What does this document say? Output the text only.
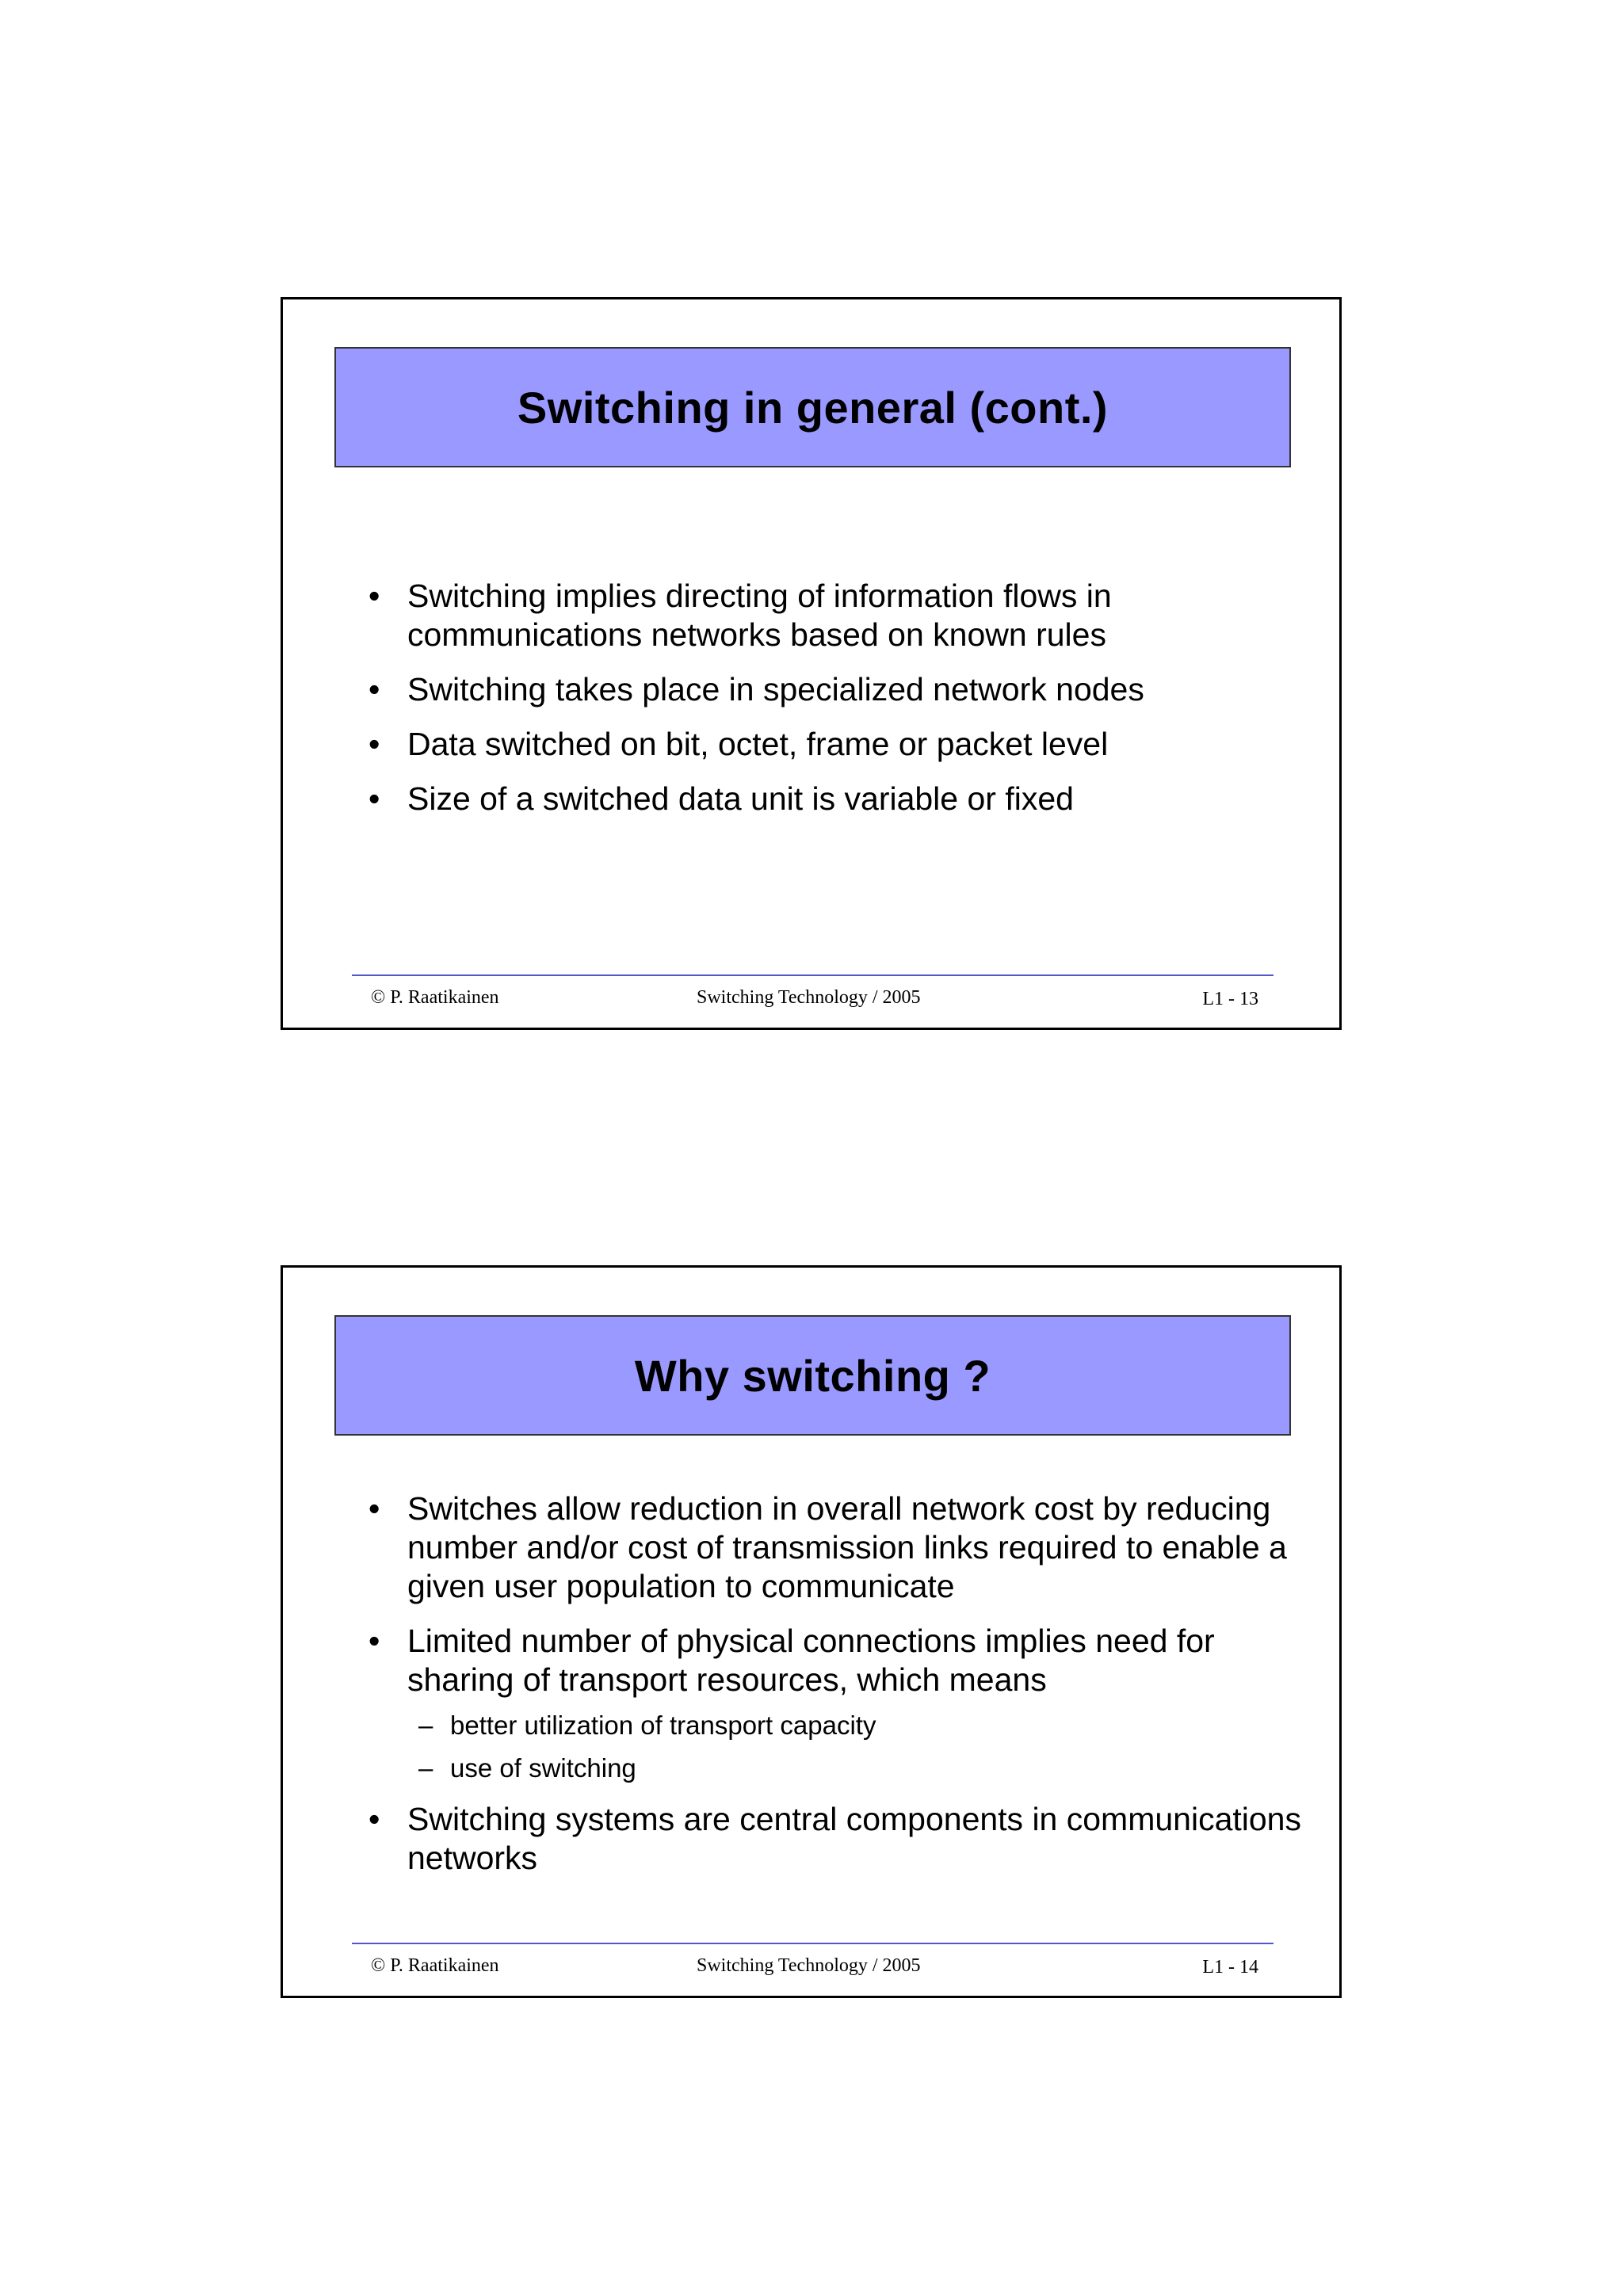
Switching in general (cont.)
• Switching implies directing of information flows in communications networks based on known rules
• Switching takes place in specialized network nodes
• Data switched on bit, octet, frame or packet level
• Size of a switched data unit is variable or fixed
© P. Raatikainen	Switching Technology / 2005	L1 - 13
Why switching ?
• Switches allow reduction in overall network cost by reducing number and/or cost of transmission links required to enable a given user population to communicate
• Limited number of physical connections implies need for sharing of transport resources, which means
– better utilization of transport capacity
– use of switching
• Switching systems are central components in communications networks
© P. Raatikainen	Switching Technology / 2005	L1 - 14
